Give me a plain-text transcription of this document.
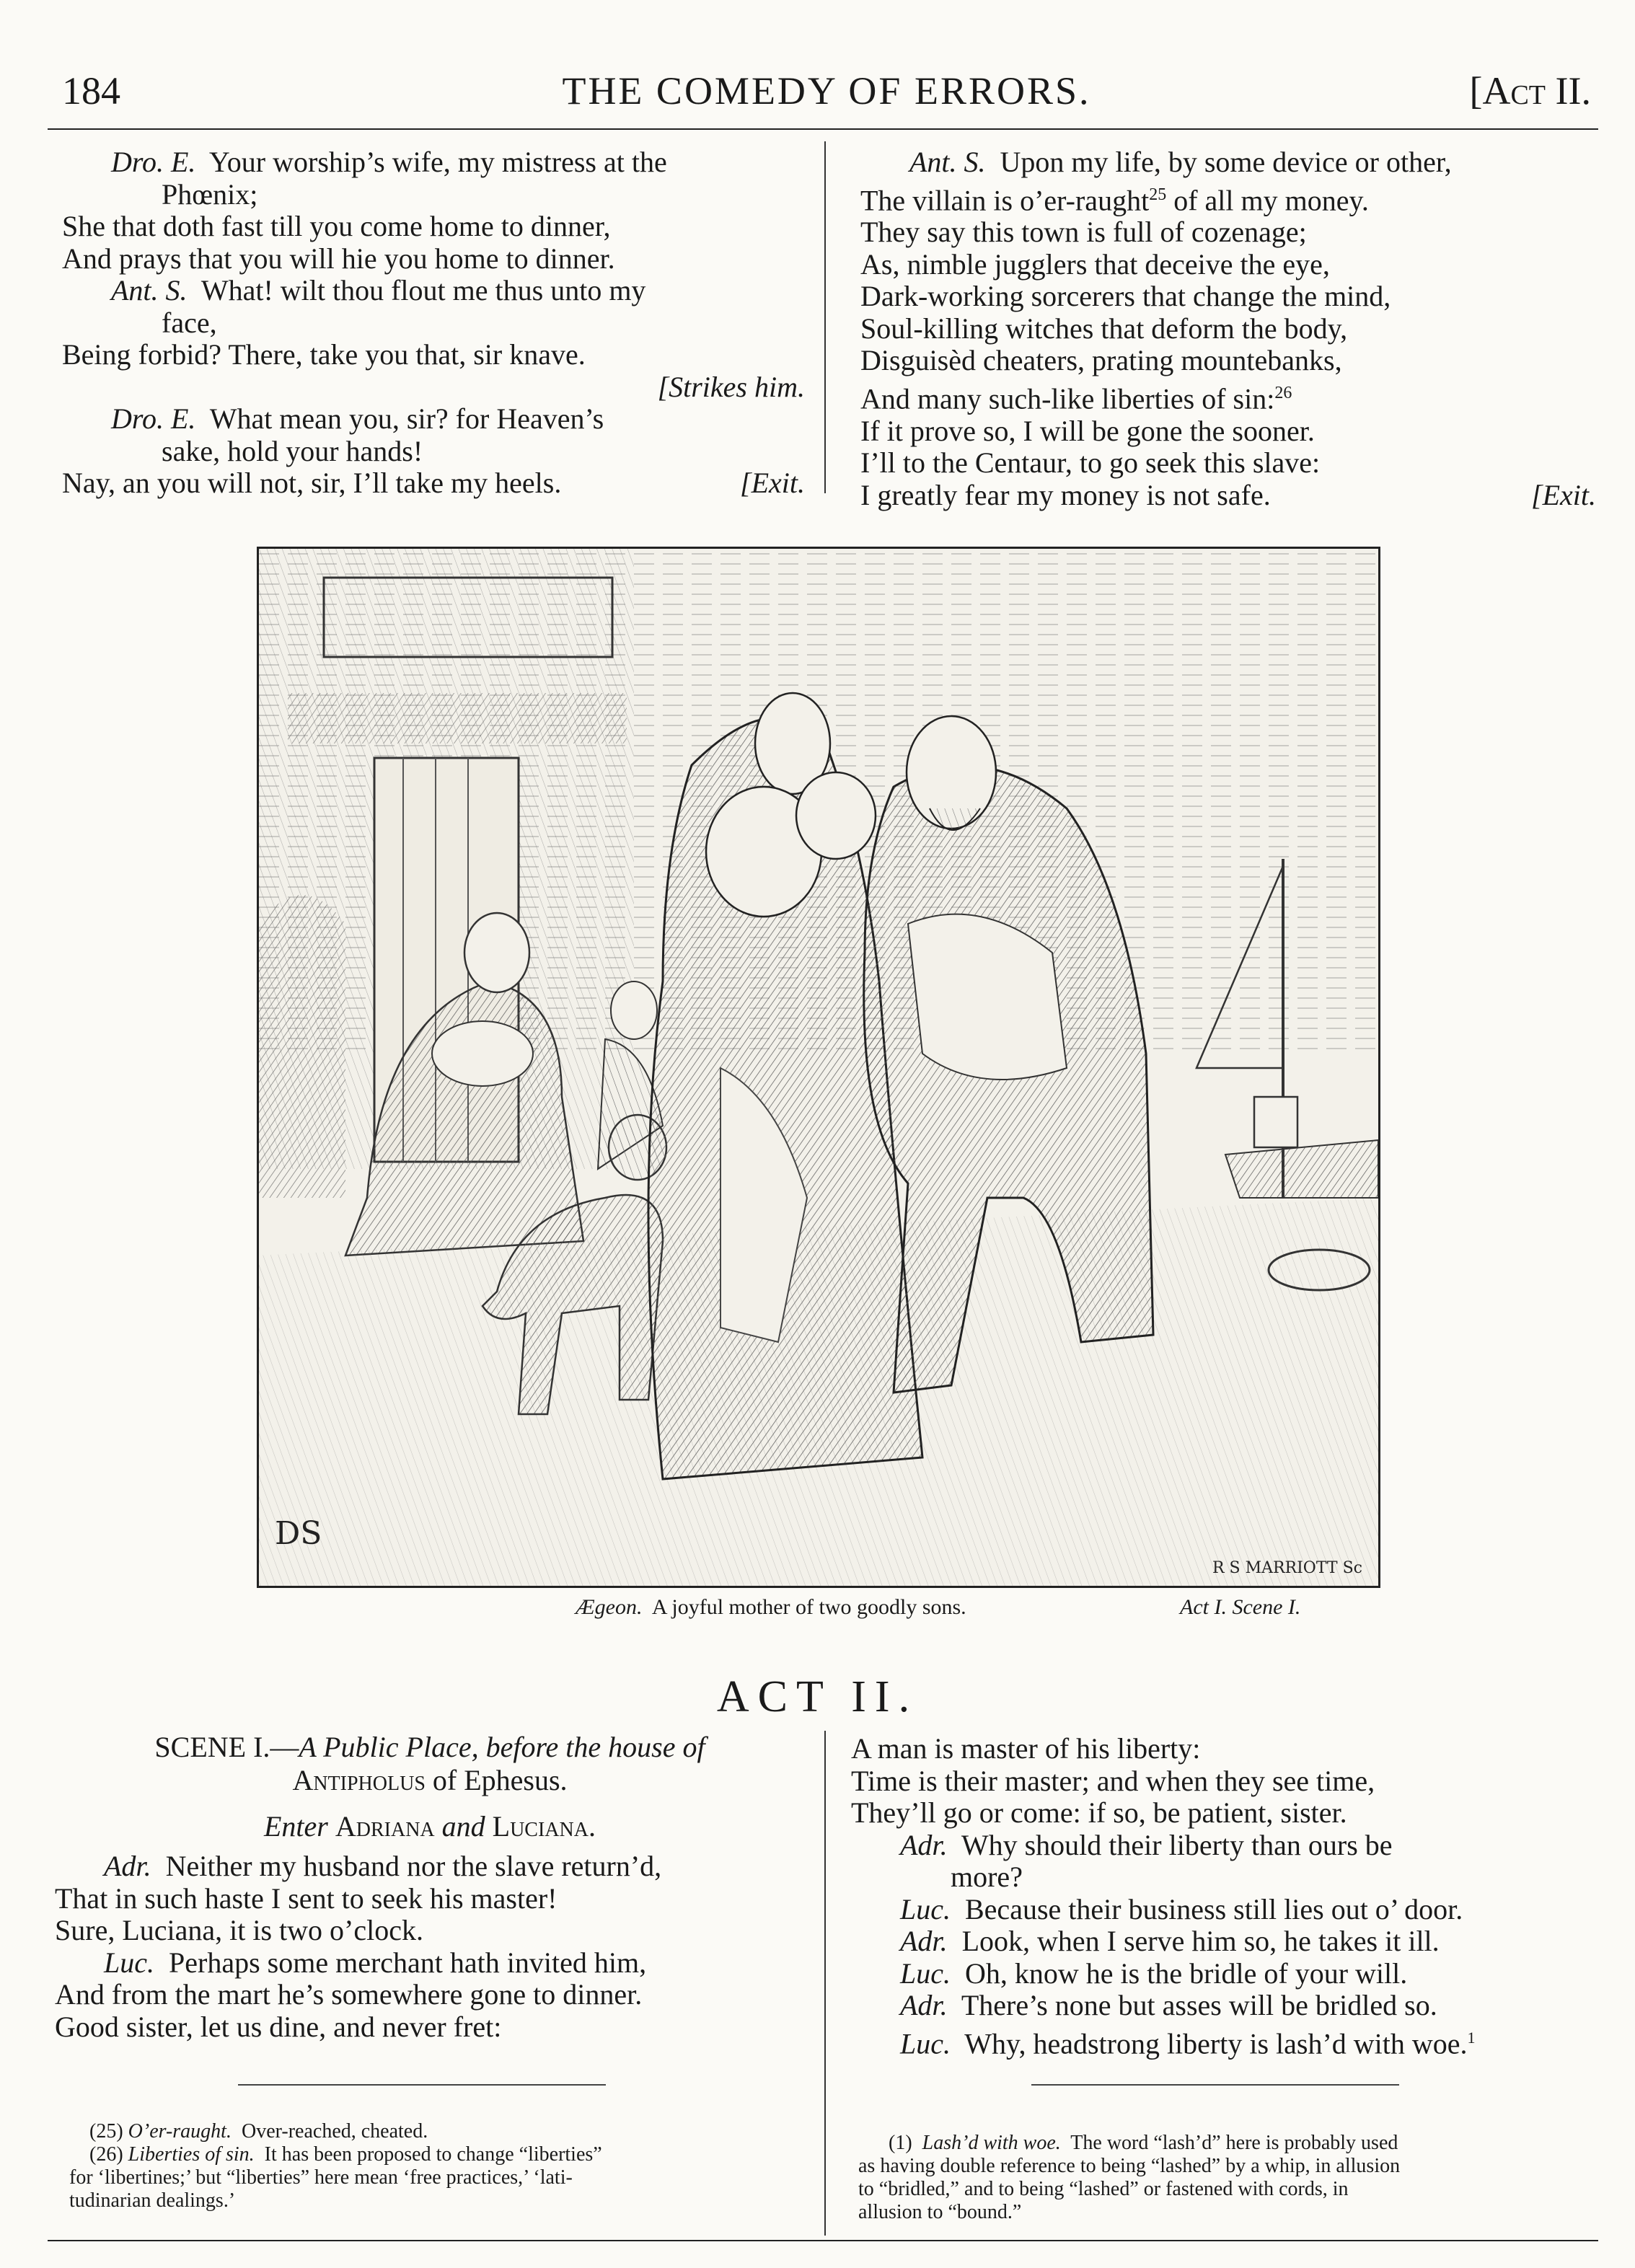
184	THE COMEDY OF ERRORS.	[Act II.
Dro. E. Your worship’s wife, my mistress at the
Phœnix;
She that doth fast till you come home to dinner,
And prays that you will hie you home to dinner.
Ant. S. What! wilt thou flout me thus unto my
face,
Being forbid? There, take you that, sir knave.
[Strikes him.
Dro. E. What mean you, sir? for Heaven’s
sake, hold your hands!
Nay, an you will not, sir, I’ll take my heels.	[Exit.
Ant. S. Upon my life, by some device or other,
The villain is o’er-raught$^{25}$ of all my money.
They say this town is full of cozenage;
As, nimble jugglers that deceive the eye,
Dark-working sorcerers that change the mind,
Soul-killing witches that deform the body,
Disguisèd cheaters, prating mountebanks,
And many such-like liberties of sin:$^{26}$
If it prove so, I will be gone the sooner.
I’ll to the Centaur, to go seek this slave:
I greatly fear my money is not safe.	[Exit.
DS
R S MARRIOTT Sc
Ægeon. A joyful mother of two goodly sons.	Act I. Scene I.
ACT II.
SCENE I.—A Public Place, before the house of
Antipholus of Ephesus.
Enter Adriana and Luciana.
Adr. Neither my husband nor the slave return’d,
That in such haste I sent to seek his master!
Sure, Luciana, it is two o’clock.
Luc. Perhaps some merchant hath invited him,
And from the mart he’s somewhere gone to dinner.
Good sister, let us dine, and never fret:
A man is master of his liberty:
Time is their master; and when they see time,
They’ll go or come: if so, be patient, sister.
Adr. Why should their liberty than ours be
more?
Luc. Because their business still lies out o’ door.
Adr. Look, when I serve him so, he takes it ill.
Luc. Oh, know he is the bridle of your will.
Adr. There’s none but asses will be bridled so.
Luc. Why, headstrong liberty is lash’d with woe.$^1$
(25) O’er-raught. Over-reached, cheated.
(26) Liberties of sin. It has been proposed to change “liberties”
for ‘libertines;’ but “liberties” here mean ‘free practices,’ ‘lati-
tudinarian dealings.’
(1) Lash’d with woe. The word “lash’d” here is probably used
as having double reference to being “lashed” by a whip, in allusion
to “bridled,” and to being “lashed” or fastened with cords, in
allusion to “bound.”
